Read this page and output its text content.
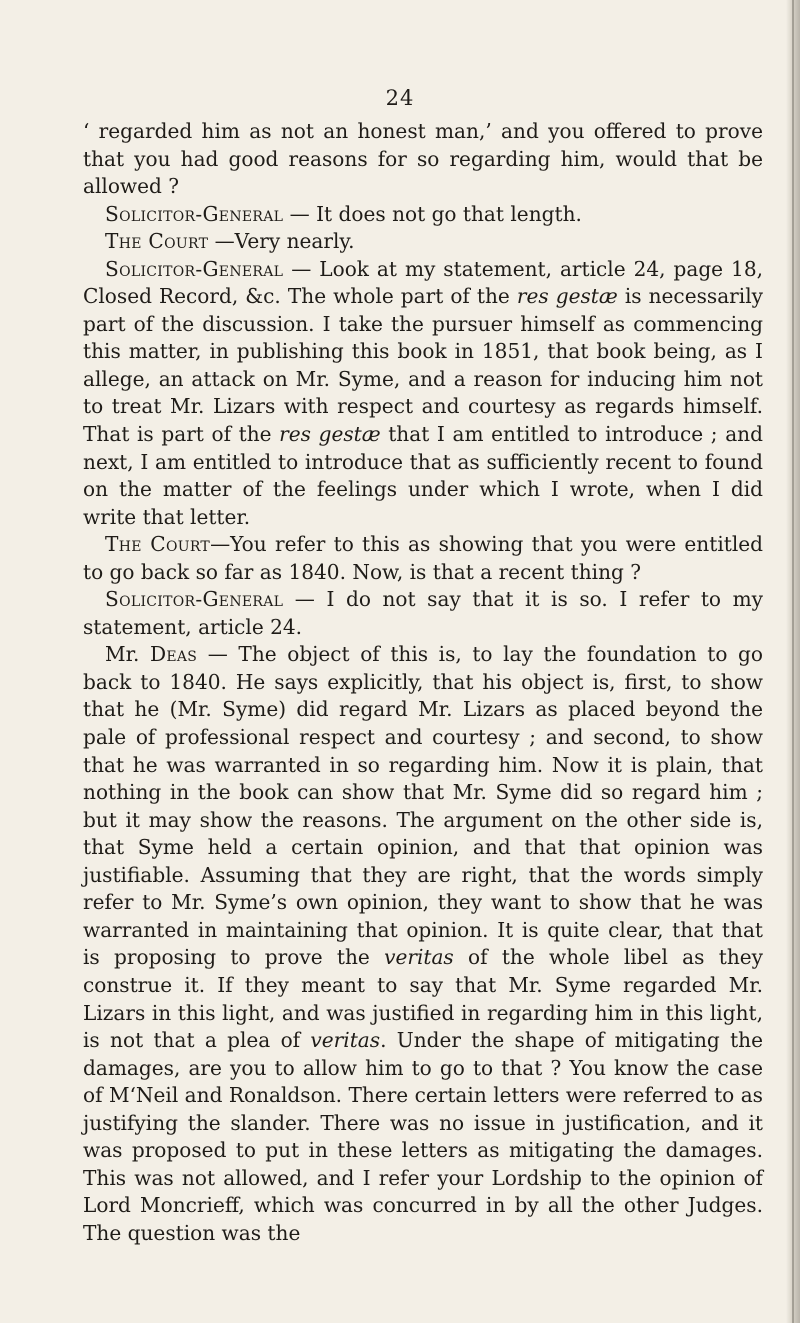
24

‘ regarded him as not an honest man,’ and you offered to prove that you had good reasons for so regarding him, would that be allowed ?

Solicitor-General — It does not go that length.

The Court —Very nearly.

Solicitor-General — Look at my statement, article 24, page 18, Closed Record, &c. The whole part of the res gestæ is necessarily part of the discussion. I take the pursuer himself as commencing this matter, in publishing this book in 1851, that book being, as I allege, an attack on Mr. Syme, and a reason for inducing him not to treat Mr. Lizars with respect and courtesy as regards himself. That is part of the res gestæ that I am entitled to introduce ; and next, I am entitled to introduce that as sufficiently recent to found on the matter of the feelings under which I wrote, when I did write that letter.

The Court—You refer to this as showing that you were entitled to go back so far as 1840. Now, is that a recent thing ?

Solicitor-General — I do not say that it is so. I refer to my statement, article 24.

Mr. Deas — The object of this is, to lay the foundation to go back to 1840. He says explicitly, that his object is, first, to show that he (Mr. Syme) did regard Mr. Lizars as placed beyond the pale of professional respect and courtesy ; and second, to show that he was warranted in so regarding him. Now it is plain, that nothing in the book can show that Mr. Syme did so regard him ; but it may show the reasons. The argument on the other side is, that Syme held a certain opinion, and that that opinion was justifiable. Assuming that they are right, that the words simply refer to Mr. Syme’s own opinion, they want to show that he was warranted in maintaining that opinion. It is quite clear, that that is proposing to prove the veritas of the whole libel as they construe it. If they meant to say that Mr. Syme regarded Mr. Lizars in this light, and was justified in regarding him in this light, is not that a plea of veritas. Under the shape of mitigating the damages, are you to allow him to go to that ? You know the case of M‘Neil and Ronaldson. There certain letters were referred to as justifying the slander. There was no issue in justification, and it was proposed to put in these letters as mitigating the damages. This was not allowed, and I refer your Lordship to the opinion of Lord Moncrieff, which was concurred in by all the other Judges. The question was the
